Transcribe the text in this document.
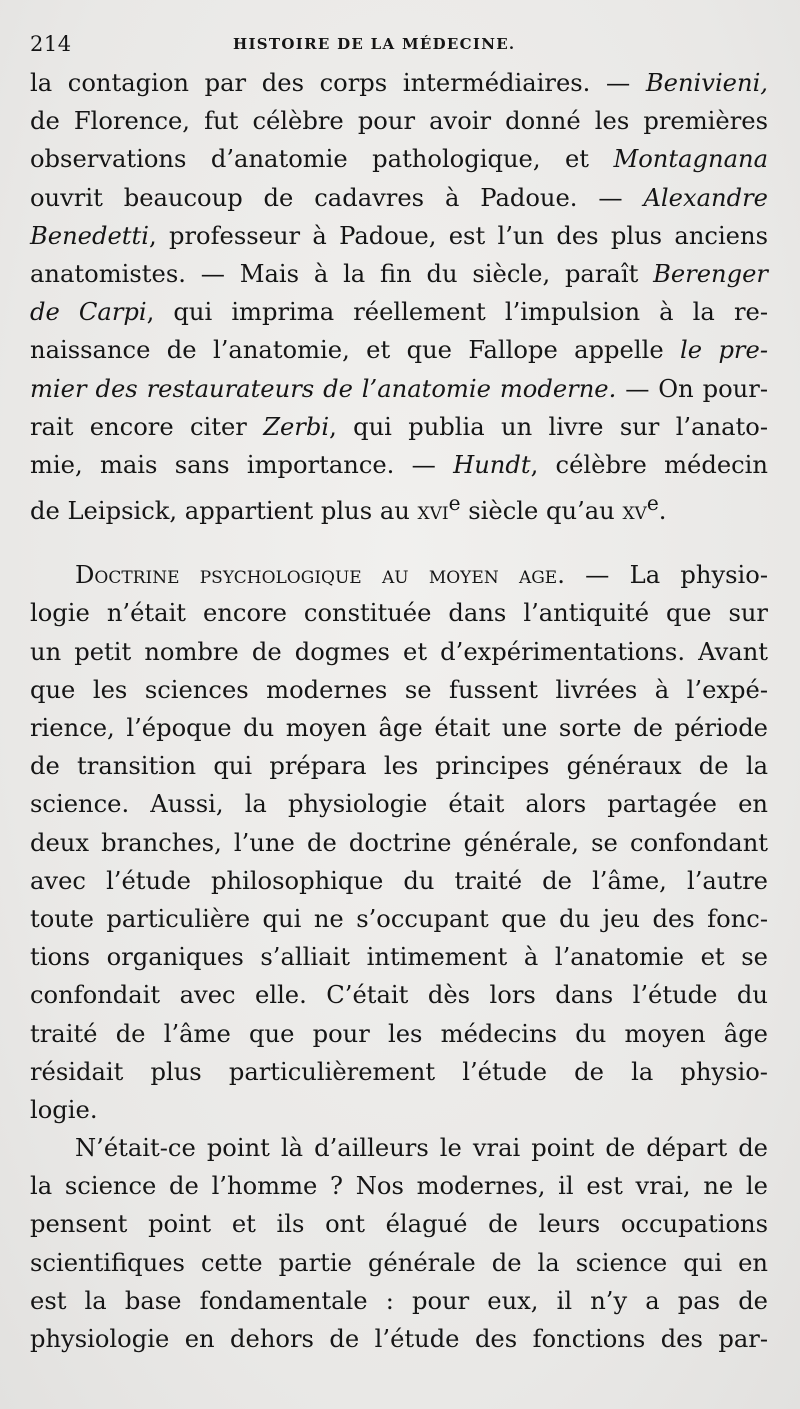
214	HISTOIRE DE LA MÉDECINE.
la contagion par des corps intermédiaires. — Benivieni,
de Florence, fut célèbre pour avoir donné les premières
observations d’anatomie pathologique, et Montagnana
ouvrit beaucoup de cadavres à Padoue. — Alexandre
Benedetti, professeur à Padoue, est l’un des plus anciens
anatomistes. — Mais à la fin du siècle, paraît Berenger
de Carpi, qui imprima réellement l’impulsion à la re-
naissance de l’anatomie, et que Fallope appelle le pre-
mier des restaurateurs de l’anatomie moderne. — On pour-
rait encore citer Zerbi, qui publia un livre sur l’anato-
mie, mais sans importance. — Hundt, célèbre médecin
de Leipsick, appartient plus au xvi$^e$ siècle qu’au $xv^e$.
Doctrine psychologique au moyen age. — La physio-
logie n’était encore constituée dans l’antiquité que sur
un petit nombre de dogmes et d’expérimentations. Avant
que les sciences modernes se fussent livrées à l’expé-
rience, l’époque du moyen âge était une sorte de période
de transition qui prépara les principes généraux de la
science. Aussi, la physiologie était alors partagée en
deux branches, l’une de doctrine générale, se confondant
avec l’étude philosophique du traité de l’âme, l’autre
toute particulière qui ne s’occupant que du jeu des fonc-
tions organiques s’alliait intimement à l’anatomie et se
confondait avec elle. C’était dès lors dans l’étude du
traité de l’âme que pour les médecins du moyen âge
résidait plus particulièrement l’étude de la physio-
logie.
N’était-ce point là d’ailleurs le vrai point de départ de
la science de l’homme ? Nos modernes, il est vrai, ne le
pensent point et ils ont élagué de leurs occupations
scientifiques cette partie générale de la science qui en
est la base fondamentale : pour eux, il n’y a pas de
physiologie en dehors de l’étude des fonctions des par-
